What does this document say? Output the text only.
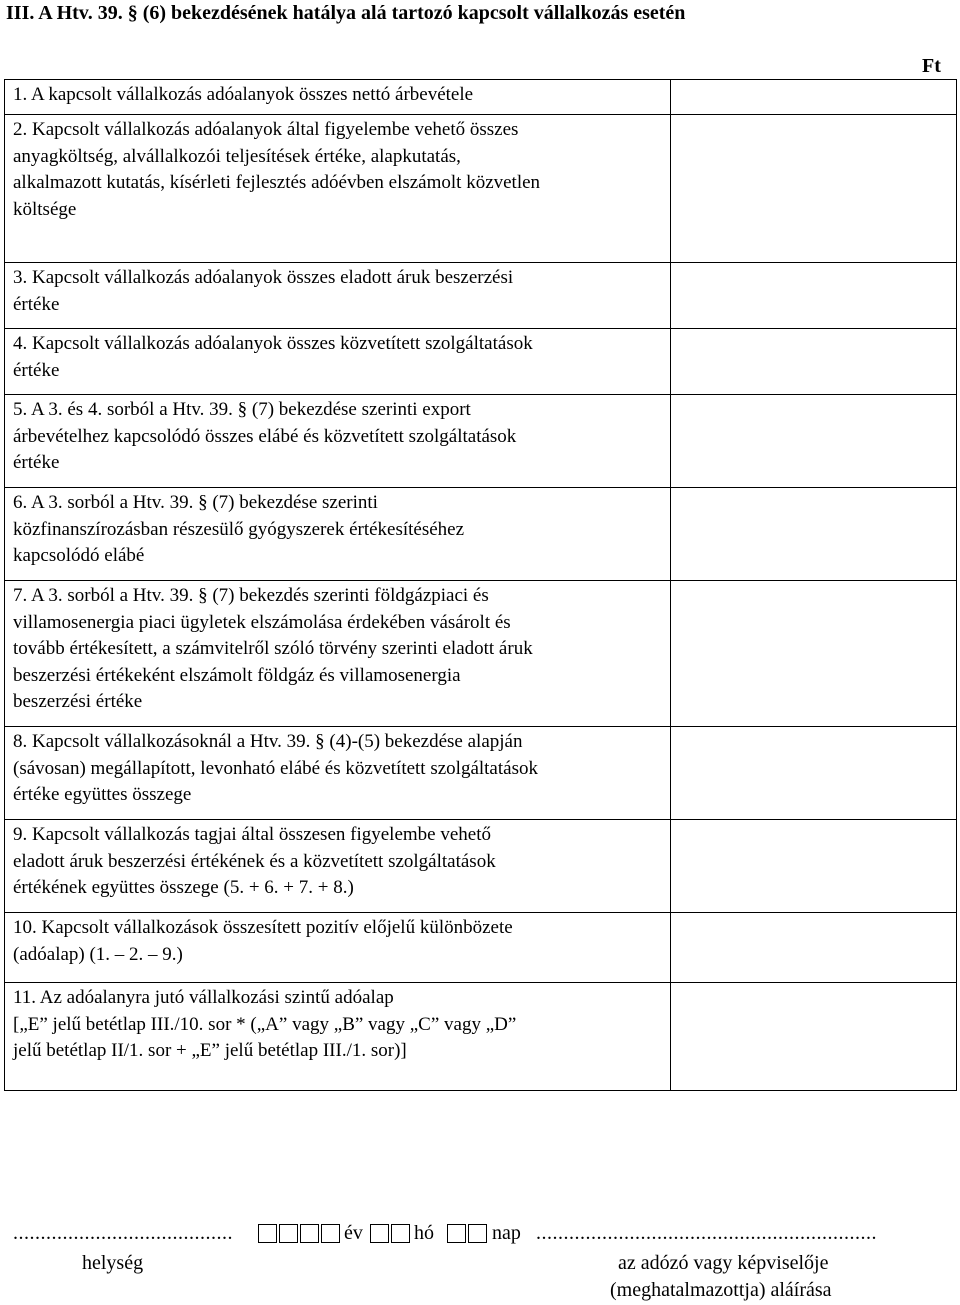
III. A Htv. 39. § (6) bekezdésének hatálya alá tartozó kapcsolt vállalkozás esetén
Ft
1. A kapcsolt vállalkozás adóalanyok összes nettó árbevétele	

2. Kapcsolt vállalkozás adóalanyok által figyelembe vehető összes
anyagköltség, alvállalkozói teljesítések értéke, alapkutatás,
alkalmazott kutatás, kísérleti fejlesztés adóévben elszámolt közvetlen
költsége	

3. Kapcsolt vállalkozás adóalanyok összes eladott áruk beszerzési
értéke	

4. Kapcsolt vállalkozás adóalanyok összes közvetített szolgáltatások
értéke	

5. A 3. és 4. sorból a Htv. 39. § (7) bekezdése szerinti export
árbevételhez kapcsolódó összes elábé és közvetített szolgáltatások
értéke	

6. A 3. sorból a Htv. 39. § (7) bekezdése szerinti
közfinanszírozásban részesülő gyógyszerek értékesítéséhez
kapcsolódó elábé	

7. A 3. sorból a Htv. 39. § (7) bekezdés szerinti földgázpiaci és
villamosenergia piaci ügyletek elszámolása érdekében vásárolt és
tovább értékesített, a számvitelről szóló törvény szerinti eladott áruk
beszerzési értékeként elszámolt földgáz és villamosenergia
beszerzési értéke	

8. Kapcsolt vállalkozásoknál a Htv. 39. § (4)-(5) bekezdése alapján
(sávosan) megállapított, levonható elábé és közvetített szolgáltatások
értéke együttes összege	

9. Kapcsolt vállalkozás tagjai által összesen figyelembe vehető
eladott áruk beszerzési értékének és a közvetített szolgáltatások
értékének együttes összege (5. + 6. + 7. + 8.)	

10. Kapcsolt vállalkozások összesített pozitív előjelű különbözete
(adóalap) (1. – 2. – 9.)	

11. Az adóalanyra jutó vállalkozási szintű adóalap
[„E” jelű betétlap III./10. sor * („A” vagy „B” vagy „C” vagy „D”
jelű betétlap II/1. sor + „E” jelű betétlap III./1. sor)]	

........................................	év	hó	nap ..............................................................
helység	az adózó vagy képviselője
(meghatalmazottja) aláírása
